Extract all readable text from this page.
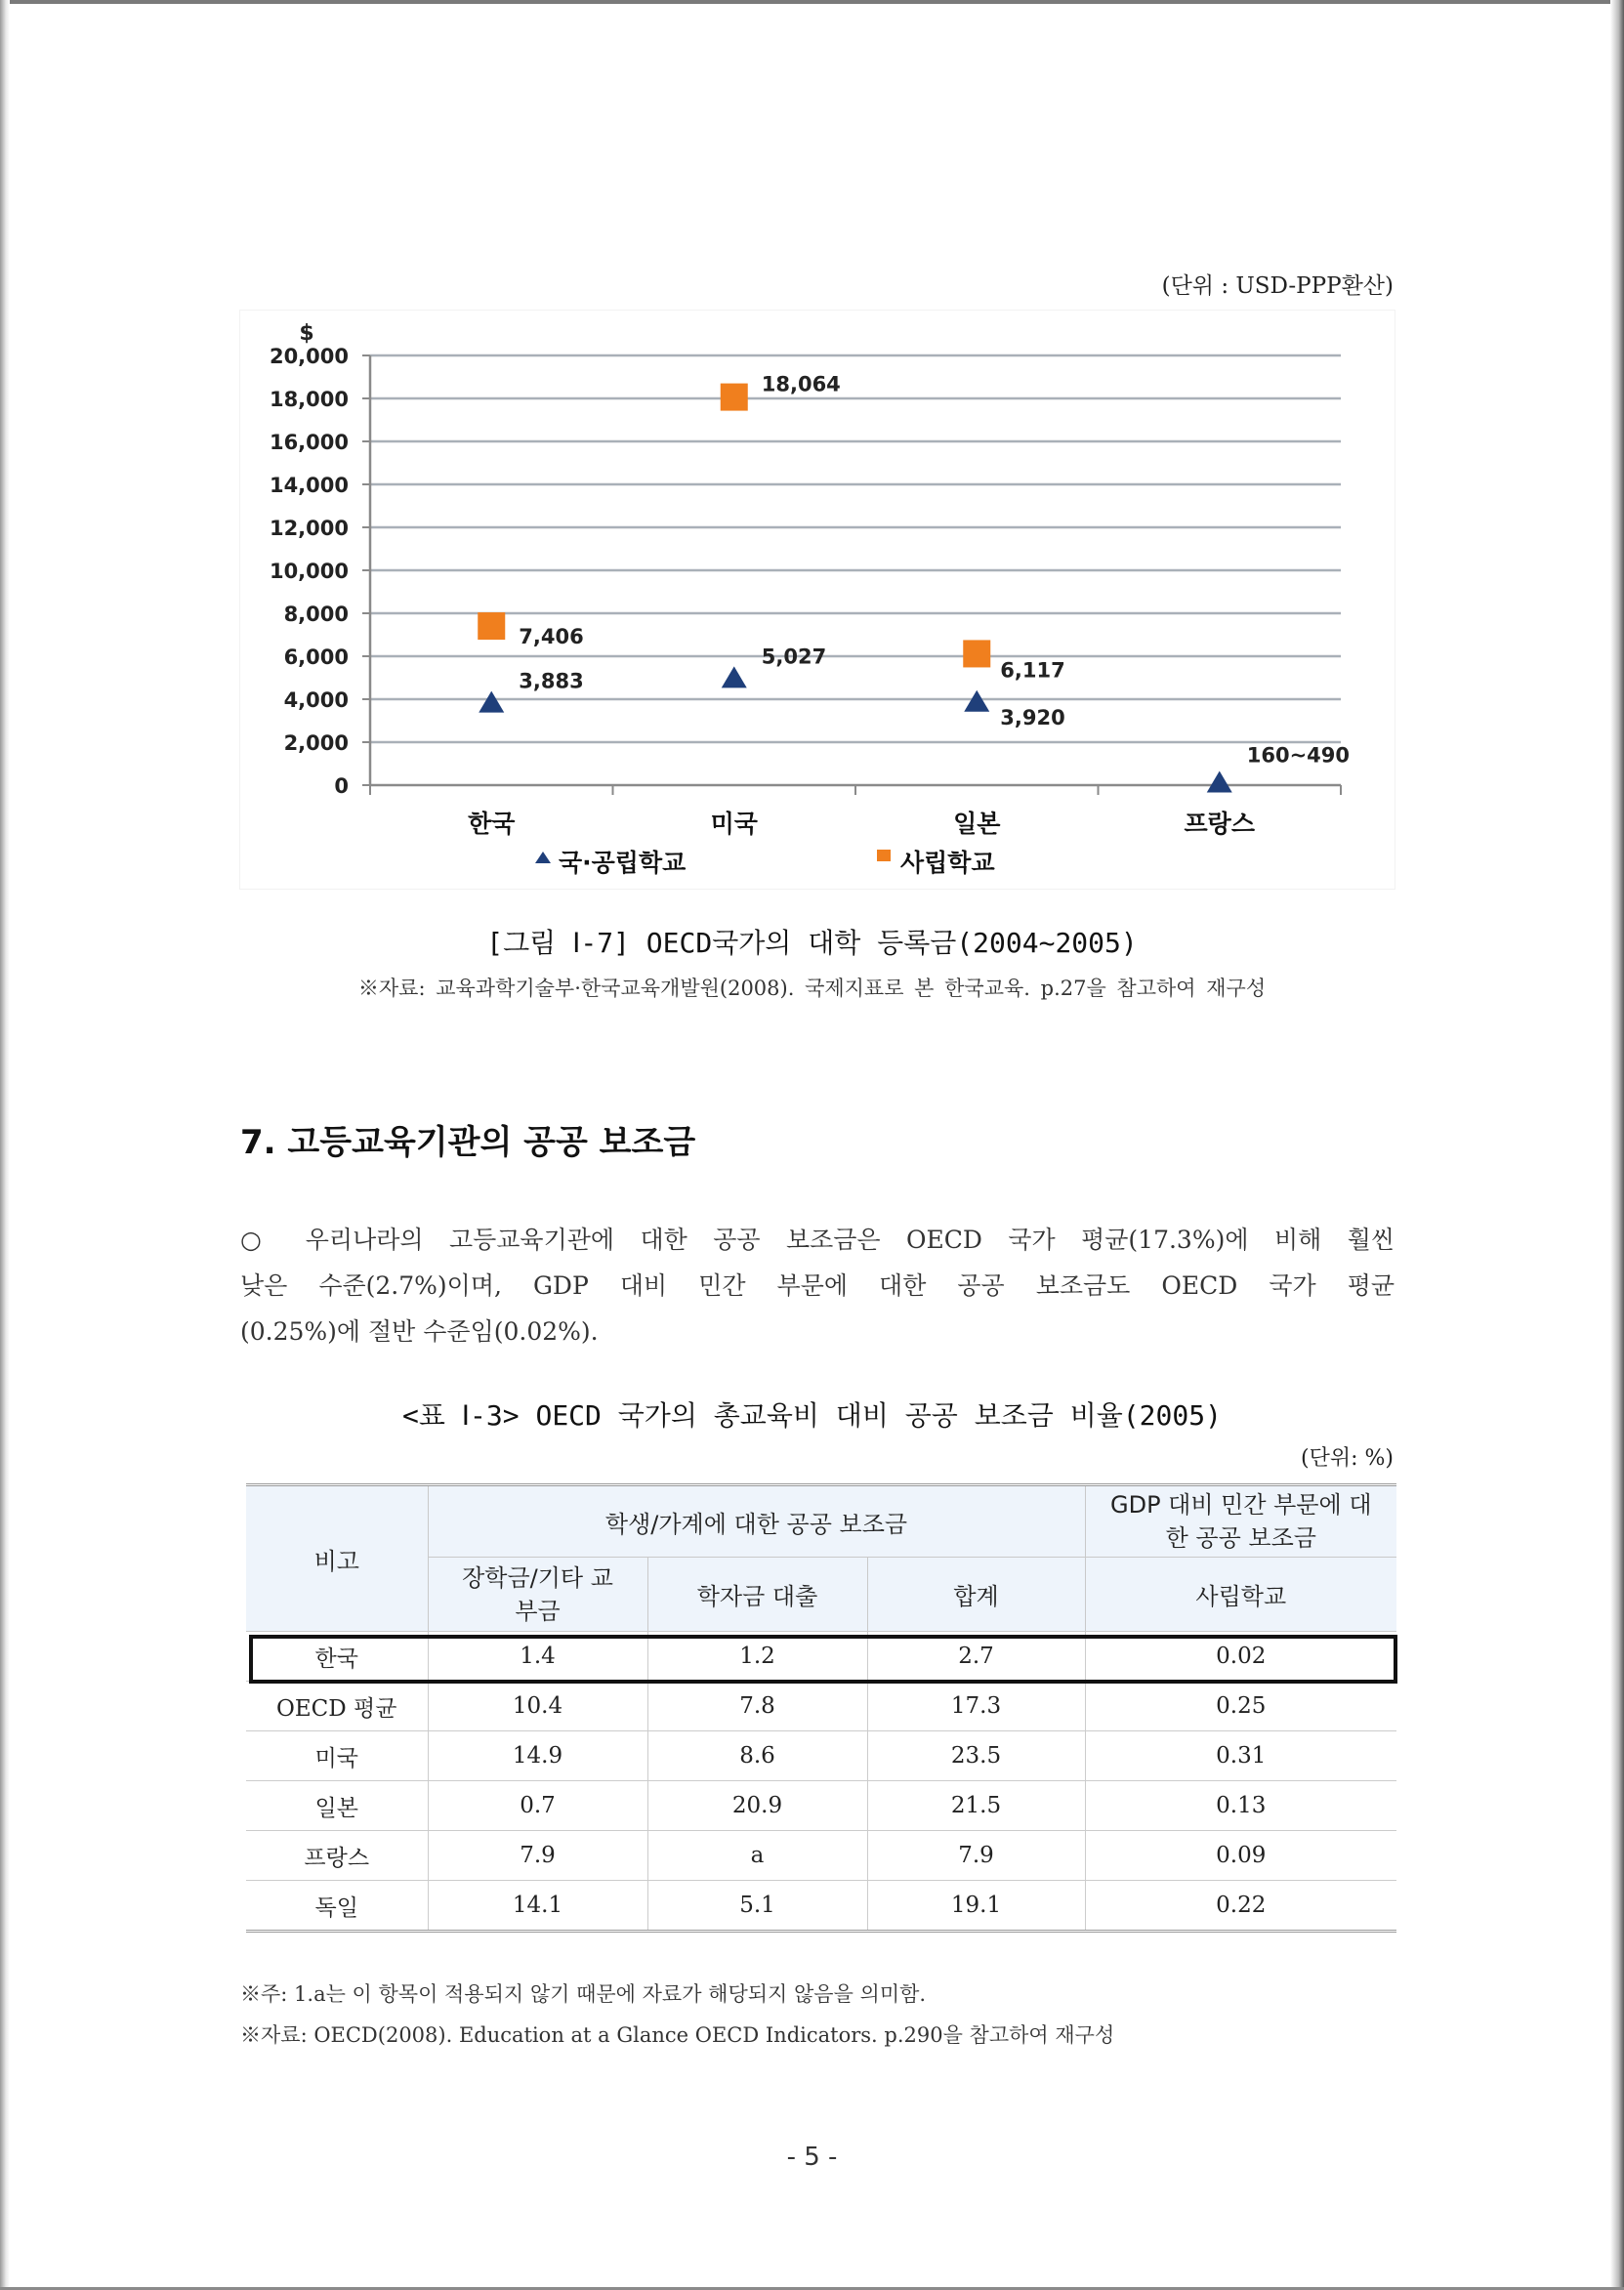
(단위 : USD-PPP환산)
0
2,000
4,000
6,000
8,000
10,000
12,000
14,000
16,000
18,000
20,000
$
한국	미국	일본	프랑스
3,883
5,027
3,920
160~490
7,406
18,064
6,117
국·공립학교	사립학교
[그림 Ⅰ-7] OECD국가의 대학 등록금(2004~2005)
※자료: 교육과학기술부·한국교육개발원(2008). 국제지표로 본 한국교육. p.27을 참고하여 재구성
7. 고등교육기관의 공공 보조금
○ 우리나라의 고등교육기관에 대한 공공 보조금은 OECD 국가 평균(17.3%)에 비해 훨씬
낮은 수준(2.7%)이며, GDP 대비 민간 부문에 대한 공공 보조금도 OECD 국가 평균
(0.25%)에 절반 수준임(0.02%).
<표 Ⅰ-3> OECD 국가의 총교육비 대비 공공 보조금 비율(2005)
(단위: %)
비고	학생/가계에 대한 공공 보조금			GDP 대비 민간 부문에 대한 공공 보조금
	장학금/기타 교부금	학자금 대출	합계	사립학교
한국	1.4	1.2	2.7	0.02
OECD 평균	10.4	7.8	17.3	0.25
미국	14.9	8.6	23.5	0.31
일본	0.7	20.9	21.5	0.13
프랑스	7.9	a	7.9	0.09
독일	14.1	5.1	19.1	0.22
※주: 1.a는 이 항목이 적용되지 않기 때문에 자료가 해당되지 않음을 의미함.
※자료: OECD(2008). Education at a Glance OECD Indicators. p.290을 참고하여 재구성
- 5 -
